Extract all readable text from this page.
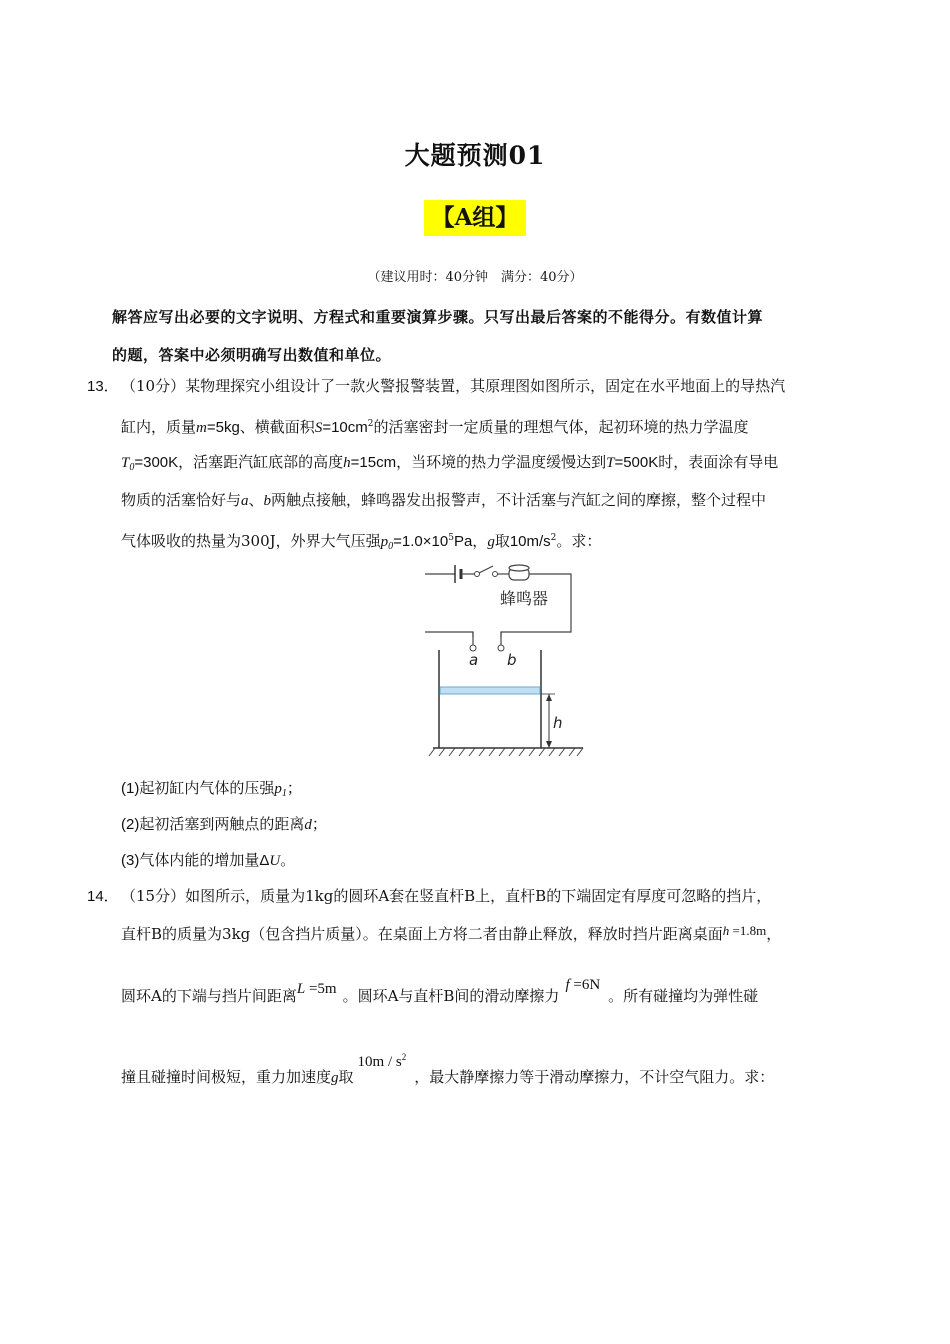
大题预测01
【A组】
（建议用时：40分钟　满分：40分）
解答应写出必要的文字说明、方程式和重要演算步骤。只写出最后答案的不能得分。有数值计算
的题，答案中必须明确写出数值和单位。
13． （10分）某物理探究小组设计了一款火警报警装置，其原理图如图所示，固定在水平地面上的导热汽
缸内，质量m=5kg、横截面积$S=10cm^2$的活塞密封一定质量的理想气体，起初环境的热力学温度
$T_0=300K$，活塞距汽缸底部的高度h=15cm，当环境的热力学温度缓慢达到T=500K时，表面涂有导电
物质的活塞恰好与a、b两触点接触，蜂鸣器发出报警声，不计活塞与汽缸之间的摩擦，整个过程中
气体吸收的热量为300J，外界大气压强$p_0=1.0\times 10^5Pa$，g取$10m/s^2$。求：
蜂鸣器
a b
h
(1)起初缸内气体的压强$p_1$；
(2)起初活塞到两触点的距离d；
(3)气体内能的增加量ΔU。
14． （15分）如图所示，质量为1kg的圆环A套在竖直杆B上，直杆B的下端固定有厚度可忽略的挡片，
直杆B的质量为3kg（包含挡片质量）。在桌面上方将二者由静止释放，释放时挡片距离桌面h =1.8m，
圆环A的下端与挡片间距离L =5m 。圆环A与直杆B间的滑动摩擦力f =6N。所有碰撞均为弹性碰
撞且碰撞时间极短，重力加速度g取$10m / s^2$，最大静摩擦力等于滑动摩擦力，不计空气阻力。求：
